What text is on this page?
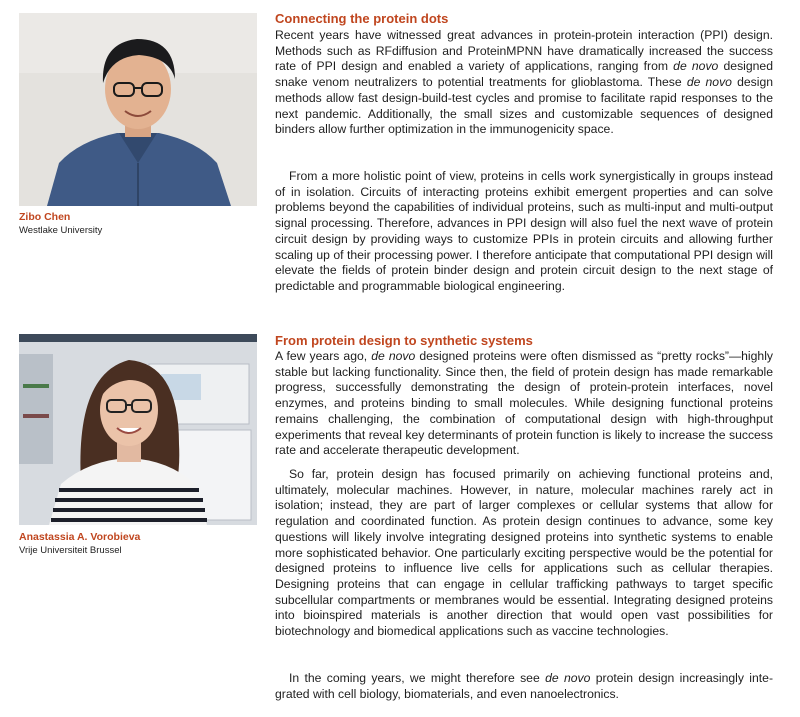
Zibo Chen
Westlake University
Connecting the protein dots

Recent years have witnessed great advances in protein-protein interaction (PPI) design. Methods such as RFdiffusion and ProteinMPNN have dramatically increased the success rate of PPI design and enabled a variety of applications, ranging from de novo designed snake venom neutralizers to potential treatments for glioblastoma. These de novo design methods allow fast design-build-test cycles and promise to facilitate rapid responses to the next pandemic. Additionally, the small sizes and customizable sequences of designed binders allow further optimization in the immunogenicity space.

From a more holistic point of view, proteins in cells work synergistically in groups instead of in isolation. Circuits of interacting proteins exhibit emergent properties and can solve problems beyond the capabilities of individual proteins, such as multi-input and multi-output signal processing. Therefore, advances in PPI design will also fuel the next wave of protein circuit design by providing ways to customize PPIs in protein circuits and allowing further scaling up of their processing power. I therefore anticipate that computational PPI design will elevate the fields of protein binder design and protein circuit design to the next stage of predictable and programmable biological engineering.

Anastassia A. Vorobieva
Vrije Universiteit Brussel
From protein design to synthetic systems

A few years ago, de novo designed proteins were often dismissed as “pretty rocks”—highly stable but lacking functionality. Since then, the field of protein design has made remarkable progress, successfully demonstrating the design of protein-protein interfaces, novel enzymes, and proteins binding to small molecules. While designing functional proteins remains challenging, the combination of computational design with high-throughput experiments that reveal key determinants of protein function is likely to increase the success rate and accelerate therapeutic development.

So far, protein design has focused primarily on achieving functional proteins and, ultimately, molecular machines. However, in nature, molecular machines rarely act in isolation; instead, they are part of larger complexes or cellular systems that allow for regulation and coordinated function. As protein design continues to advance, some key questions will likely involve integrating designed proteins into synthetic systems to enable more sophisticated behavior. One particularly exciting perspective would be the potential for designed proteins to influence live cells for applications such as cellular therapies. Designing proteins that can engage in cellular trafficking pathways to target specific subcellular compartments or membranes would be essential. Integrating designed proteins into bioinspired materials is another direction that would open vast possibilities for biotechnology and biomedical applications such as vaccine technologies.

In the coming years, we might therefore see de novo protein design increasingly integrated with cell biology, biomaterials, and even nanoelectronics.
